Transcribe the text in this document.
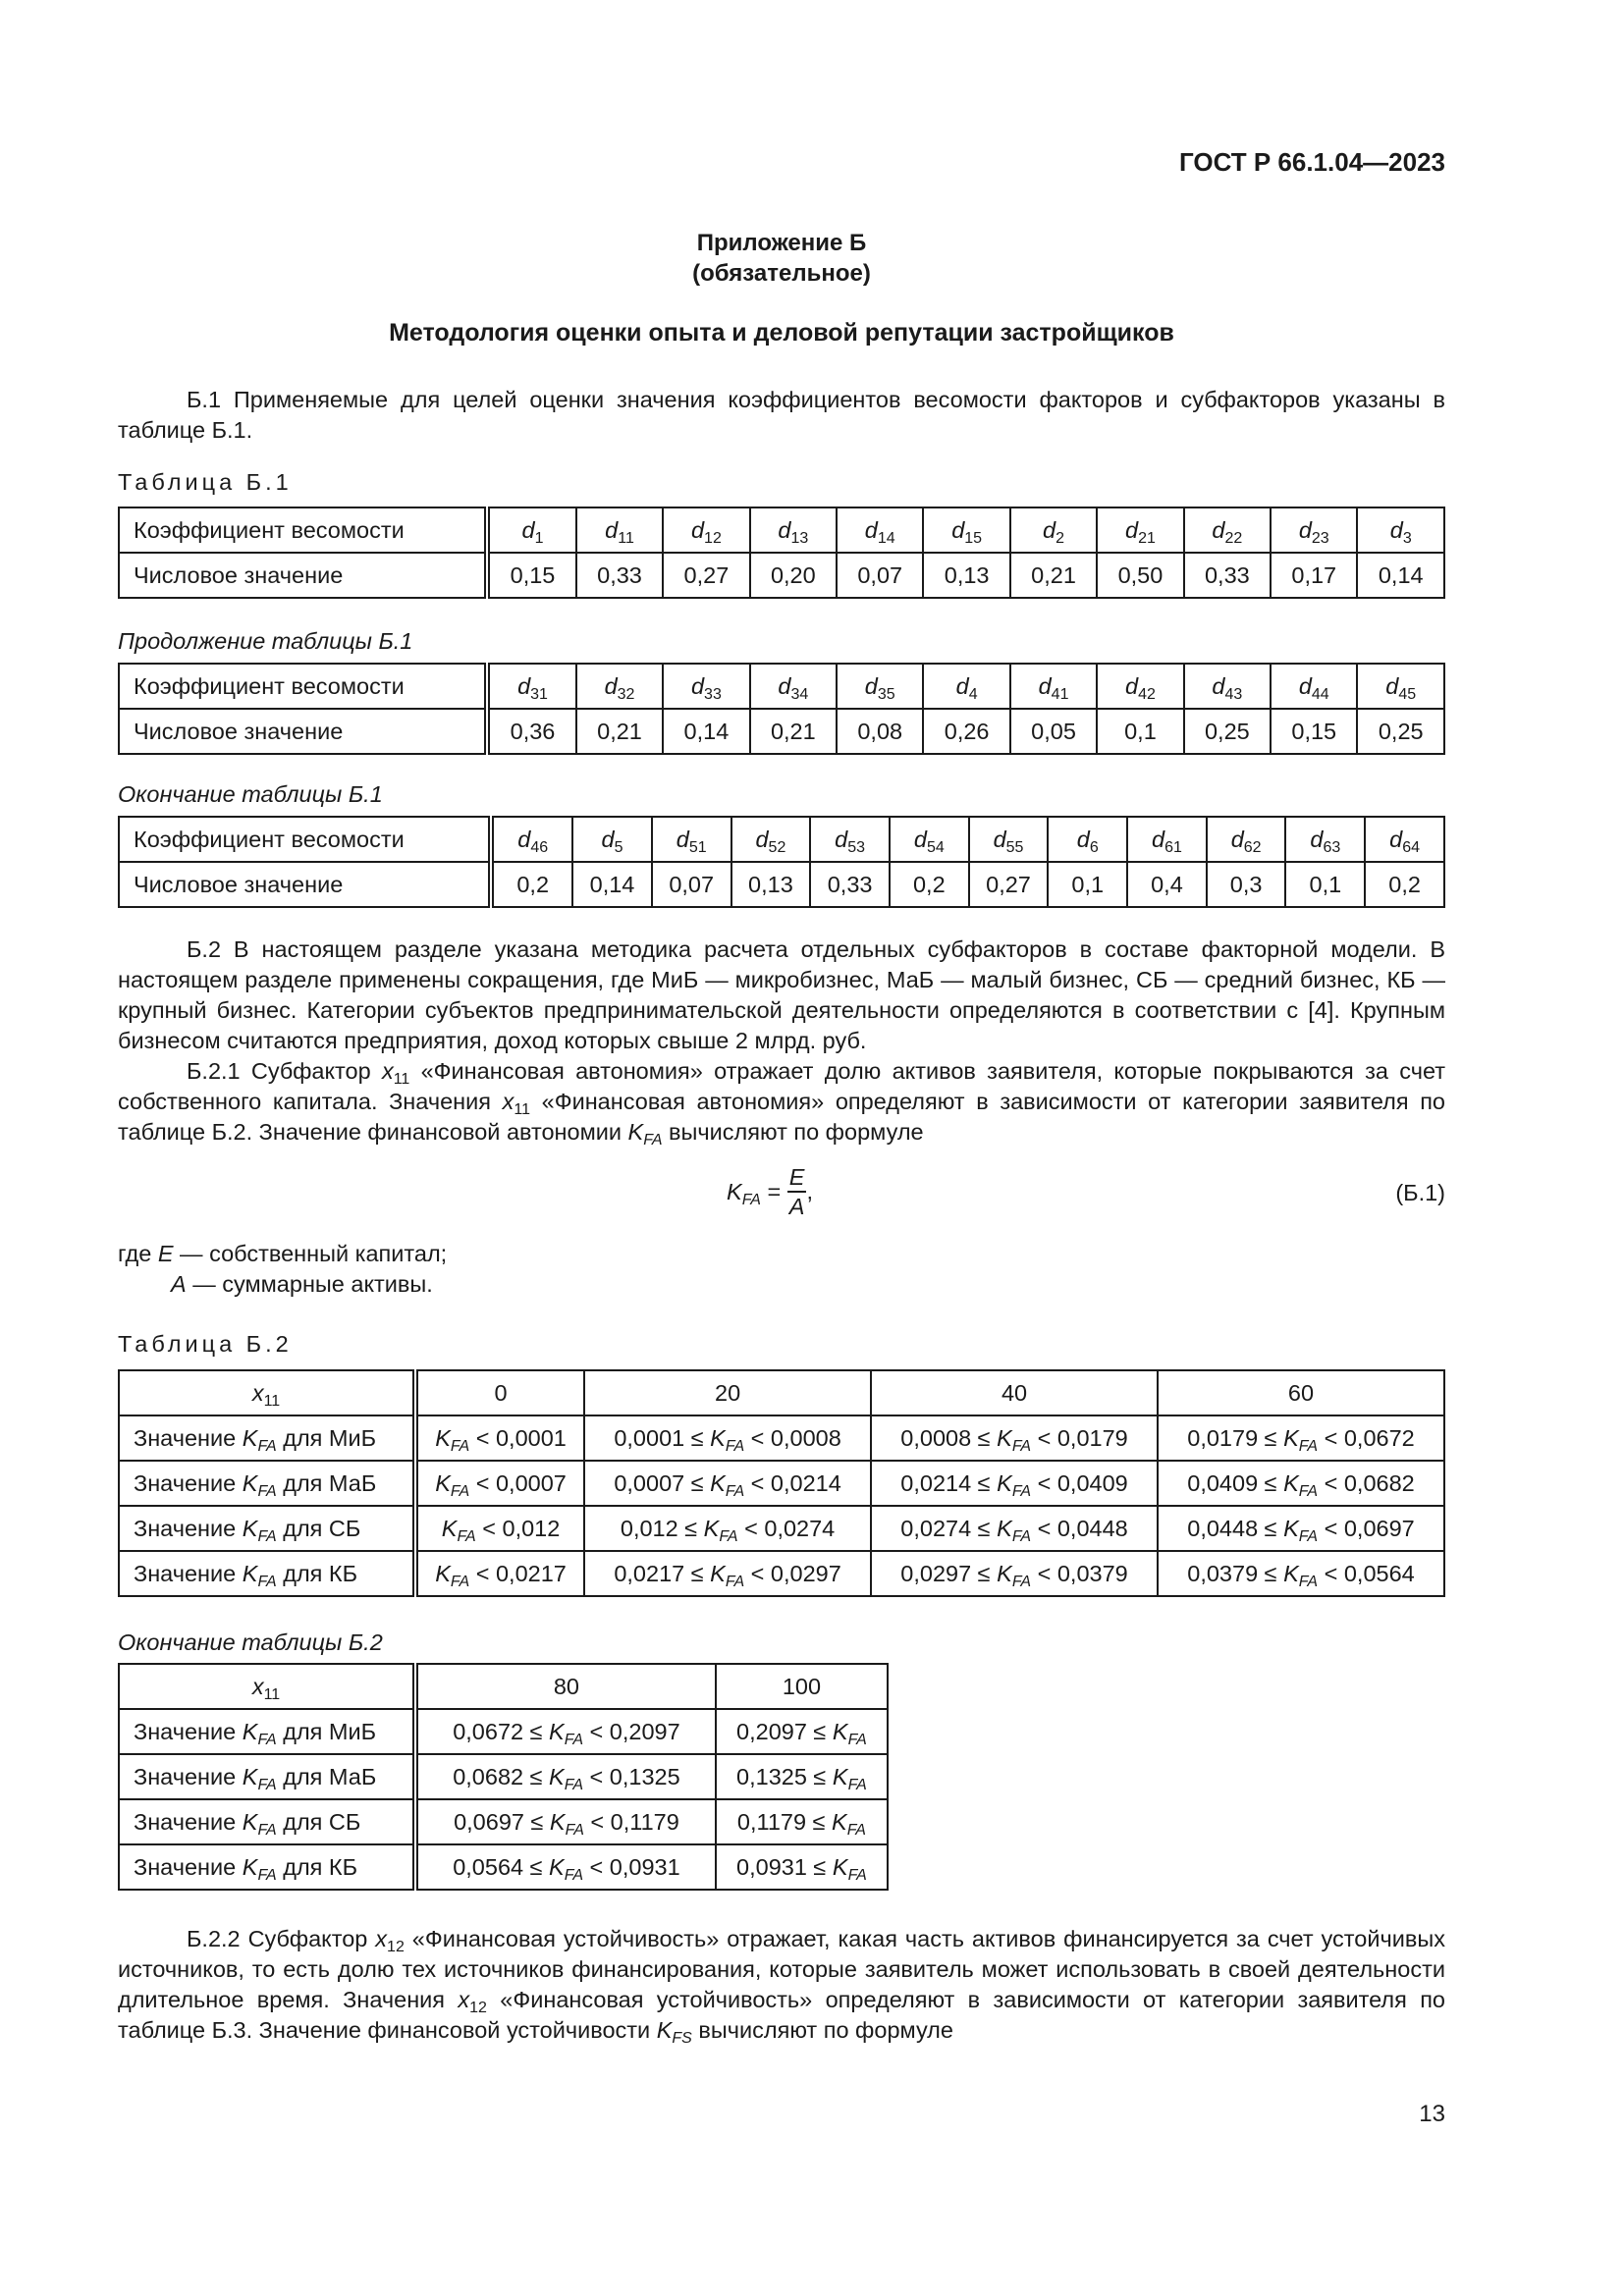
ГОСТ Р 66.1.04—2023
Приложение Б
(обязательное)
Методология оценки опыта и деловой репутации застройщиков

Б.1 Применяемые для целей оценки значения коэффициентов весомости факторов и субфакторов указаны в таблице Б.1.

Таблица Б.1
Коэффициент весомости	$d_1$	$d_{11}$	$d_{12}$	$d_{13}$	$d_{14}$	$d_{15}$	$d_2$	$d_{21}$	$d_{22}$	$d_{23}$	$d_3$
Числовое значение	0,15	0,33	0,27	0,20	0,07	0,13	0,21	0,50	0,33	0,17	0,14
Продолжение таблицы Б.1
Коэффициент весомости	$d_{31}$	$d_{32}$	$d_{33}$	$d_{34}$	$d_{35}$	$d_4$	$d_{41}$	$d_{42}$	$d_{43}$	$d_{44}$	$d_{45}$
Числовое значение	0,36	0,21	0,14	0,21	0,08	0,26	0,05	0,1	0,25	0,15	0,25
Окончание таблицы Б.1
Коэффициент весомости	$d_{46}$	$d_5$	$d_{51}$	$d_{52}$	$d_{53}$	$d_{54}$	$d_{55}$	$d_6$	$d_{61}$	$d_{62}$	$d_{63}$	$d_{64}$
Числовое значение	0,2	0,14	0,07	0,13	0,33	0,2	0,27	0,1	0,4	0,3	0,1	0,2

Б.2 В настоящем разделе указана методика расчета отдельных субфакторов в составе факторной модели. В настоящем разделе применены сокращения, где МиБ — микробизнес, МаБ — малый бизнес, СБ — средний бизнес, КБ — крупный бизнес. Категории субъектов предпринимательской деятельности определяются в соответствии с [4]. Крупным бизнесом считаются предприятия, доход которых свыше 2 млрд. руб.

Б.2.1 Субфактор $x_{11}$ «Финансовая автономия» отражает долю активов заявителя, которые покрываются за счет собственного капитала. Значения $x_{11}$ «Финансовая автономия» определяют в зависимости от категории заявителя по таблице Б.2. Значение финансовой автономии $K_{FA}$ вычисляют по формуле

$K_{FA} = \frac{E}{A}$ ,	(Б.1)
где E — собственный капитал;
A — суммарные активы.
Таблица Б.2
$x_{11}$	0	20	40	60
Значение $K_{FA}$ для МиБ	$K_{FA} < 0,0001$	$0,0001 \le K_{FA} < 0,0008$	$0,0008 \le K_{FA} < 0,0179$	$0,0179 \le K_{FA} < 0,0672$
Значение $K_{FA}$ для МаБ	$K_{FA} < 0,0007$	$0,0007 \le K_{FA} < 0,0214$	$0,0214 \le K_{FA} < 0,0409$	$0,0409 \le K_{FA} < 0,0682$
Значение $K_{FA}$ для СБ	$K_{FA} < 0,012$	$0,012 \le K_{FA} < 0,0274$	$0,0274 \le K_{FA} < 0,0448$	$0,0448 \le K_{FA} < 0,0697$
Значение $K_{FA}$ для КБ	$K_{FA} < 0,0217$	$0,0217 \le K_{FA} < 0,0297$	$0,0297 \le K_{FA} < 0,0379$	$0,0379 \le K_{FA} < 0,0564$
Окончание таблицы Б.2
$x_{11}$	80	100
Значение $K_{FA}$ для МиБ	$0,0672 \le K_{FA} < 0,2097$	$0,2097 \le K_{FA}$
Значение $K_{FA}$ для МаБ	$0,0682 \le K_{FA} < 0,1325$	$0,1325 \le K_{FA}$
Значение $K_{FA}$ для СБ	$0,0697 \le K_{FA} < 0,1179$	$0,1179 \le K_{FA}$
Значение $K_{FA}$ для КБ	$0,0564 \le K_{FA} < 0,0931$	$0,0931 \le K_{FA}$

Б.2.2 Субфактор $x_{12}$ «Финансовая устойчивость» отражает, какая часть активов финансируется за счет устойчивых источников, то есть долю тех источников финансирования, которые заявитель может использовать в своей деятельности длительное время. Значения $x_{12}$ «Финансовая устойчивость» определяют в зависимости от категории заявителя по таблице Б.3. Значение финансовой устойчивости $K_{FS}$ вычисляют по формуле

13
